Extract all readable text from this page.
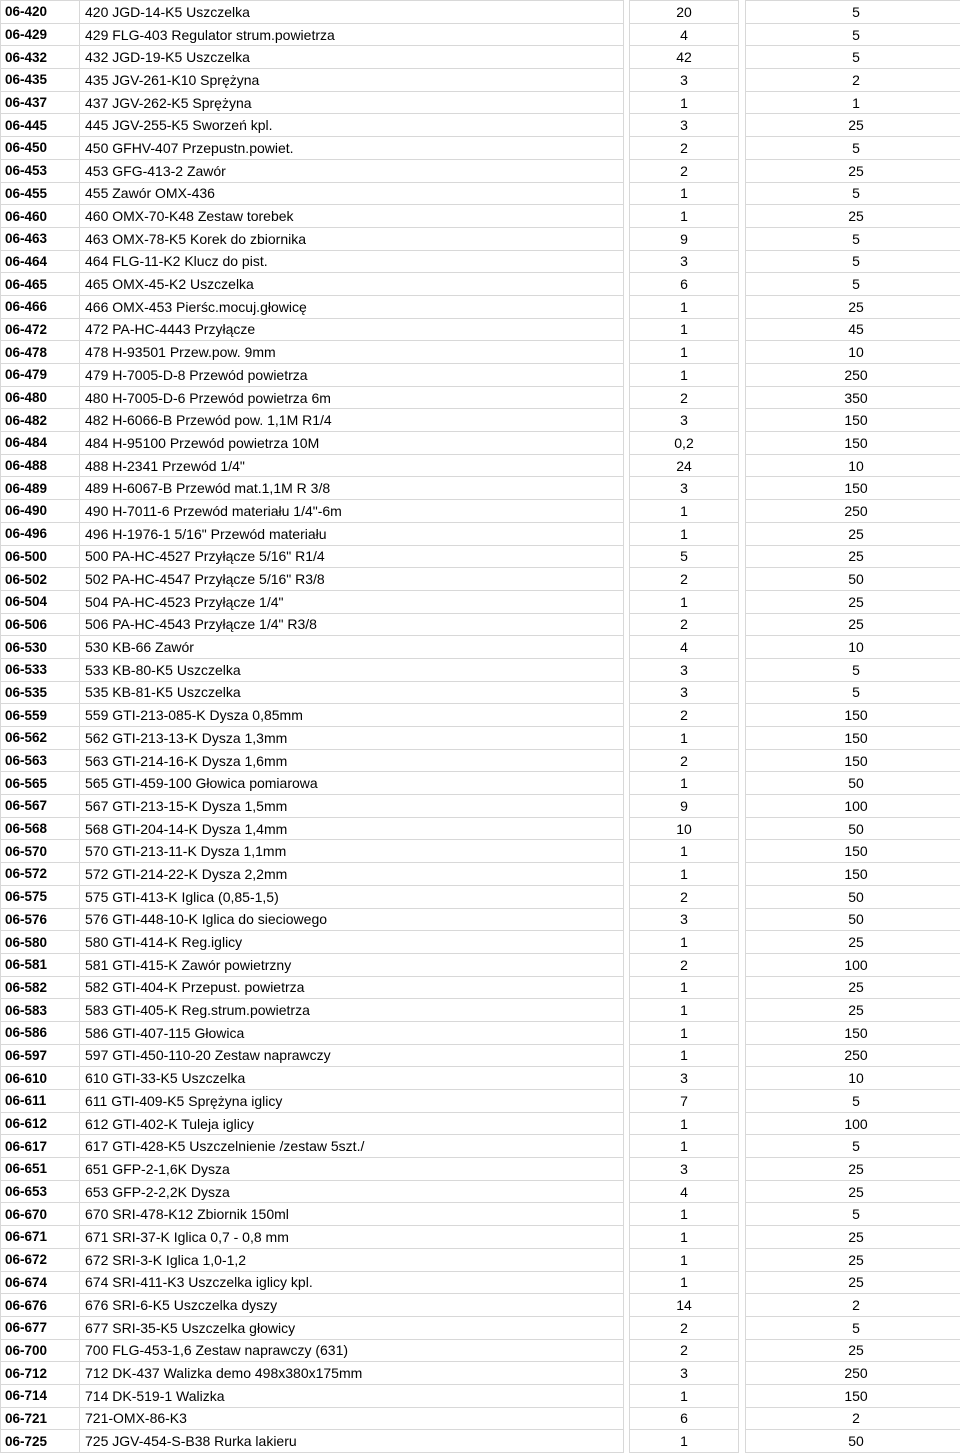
06-420	420 JGD-14-K5 Uszczelka		20		5
06-429	429 FLG-403 Regulator strum.powietrza		4		5
06-432	432 JGD-19-K5 Uszczelka		42		5
06-435	435 JGV-261-K10 Sprężyna		3		2
06-437	437 JGV-262-K5 Sprężyna		1		1
06-445	445 JGV-255-K5 Sworzeń kpl.		3		25
06-450	450 GFHV-407 Przepustn.powiet.		2		5
06-453	453 GFG-413-2 Zawór		2		25
06-455	455 Zawór OMX-436		1		5
06-460	460 OMX-70-K48 Zestaw torebek		1		25
06-463	463 OMX-78-K5 Korek do zbiornika		9		5
06-464	464 FLG-11-K2 Klucz do pist.		3		5
06-465	465 OMX-45-K2 Uszczelka		6		5
06-466	466 OMX-453 Pierśc.mocuj.głowicę		1		25
06-472	472 PA-HC-4443 Przyłącze		1		45
06-478	478 H-93501 Przew.pow. 9mm		1		10
06-479	479 H-7005-D-8 Przewód powietrza		1		250
06-480	480 H-7005-D-6 Przewód powietrza 6m		2		350
06-482	482 H-6066-B Przewód pow. 1,1M R1/4		3		150
06-484	484 H-95100 Przewód powietrza 10M		0,2		150
06-488	488 H-2341 Przewód 1/4"		24		10
06-489	489 H-6067-B Przewód mat.1,1M R 3/8		3		150
06-490	490 H-7011-6 Przewód materiału 1/4"-6m		1		250
06-496	496 H-1976-1 5/16" Przewód materiału		1		25
06-500	500 PA-HC-4527 Przyłącze 5/16" R1/4		5		25
06-502	502 PA-HC-4547 Przyłącze 5/16" R3/8		2		50
06-504	504 PA-HC-4523 Przyłącze 1/4"		1		25
06-506	506 PA-HC-4543 Przyłącze 1/4" R3/8		2		25
06-530	530 KB-66 Zawór		4		10
06-533	533 KB-80-K5 Uszczelka		3		5
06-535	535 KB-81-K5 Uszczelka		3		5
06-559	559 GTI-213-085-K Dysza 0,85mm		2		150
06-562	562 GTI-213-13-K Dysza 1,3mm		1		150
06-563	563 GTI-214-16-K Dysza 1,6mm		2		150
06-565	565 GTI-459-100 Głowica pomiarowa		1		50
06-567	567 GTI-213-15-K Dysza 1,5mm		9		100
06-568	568 GTI-204-14-K Dysza 1,4mm		10		50
06-570	570 GTI-213-11-K Dysza 1,1mm		1		150
06-572	572 GTI-214-22-K Dysza 2,2mm		1		150
06-575	575 GTI-413-K Iglica (0,85-1,5)		2		50
06-576	576 GTI-448-10-K Iglica do sieciowego		3		50
06-580	580 GTI-414-K Reg.iglicy		1		25
06-581	581 GTI-415-K Zawór powietrzny		2		100
06-582	582 GTI-404-K Przepust. powietrza		1		25
06-583	583 GTI-405-K Reg.strum.powietrza		1		25
06-586	586 GTI-407-115 Głowica		1		150
06-597	597 GTI-450-110-20 Zestaw naprawczy		1		250
06-610	610 GTI-33-K5 Uszczelka		3		10
06-611	611 GTI-409-K5 Sprężyna iglicy		7		5
06-612	612 GTI-402-K Tuleja iglicy		1		100
06-617	617 GTI-428-K5 Uszczelnienie /zestaw 5szt./		1		5
06-651	651 GFP-2-1,6K Dysza		3		25
06-653	653 GFP-2-2,2K Dysza		4		25
06-670	670 SRI-478-K12 Zbiornik 150ml		1		5
06-671	671 SRI-37-K Iglica 0,7 - 0,8 mm		1		25
06-672	672 SRI-3-K Iglica 1,0-1,2		1		25
06-674	674 SRI-411-K3 Uszczelka iglicy kpl.		1		25
06-676	676 SRI-6-K5 Uszczelka dyszy		14		2
06-677	677 SRI-35-K5 Uszczelka głowicy		2		5
06-700	700 FLG-453-1,6 Zestaw naprawczy (631)		2		25
06-712	712 DK-437 Walizka demo 498x380x175mm		3		250
06-714	714 DK-519-1 Walizka		1		150
06-721	721-OMX-86-K3		6		2
06-725	725 JGV-454-S-B38 Rurka lakieru		1		50
